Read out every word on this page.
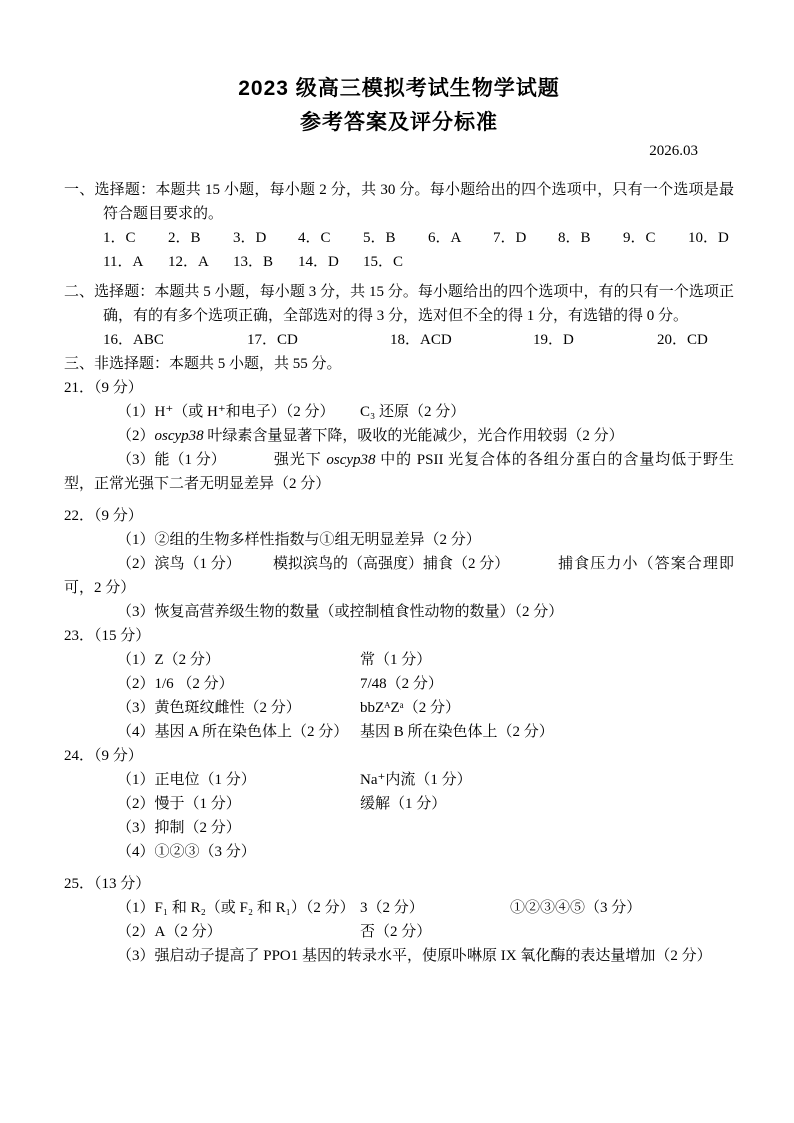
2023 级高三模拟考试生物学试题
参考答案及评分标准
2026.03

一、选择题：本题共 15 小题，每小题 2 分，共 30 分。每小题给出的四个选项中，只有一个选项是最符合题目要求的。

1．C 2．B 3．D 4．C 5．B 6．A 7．D 8．B 9．C 10．D
11．A 12．A 13．B 14．D 15．C

二、选择题：本题共 5 小题，每小题 3 分，共 15 分。每小题给出的四个选项中，有的只有一个选项正确，有的有多个选项正确，全部选对的得 3 分，选对但不全的得 1 分，有选错的得 0 分。

16．ABC	17．CD	18．ACD	19．D	20．CD

三、非选择题：本题共 5 小题，共 55 分。

21．（9 分）

（1）H⁺（或 H⁺和电子）（2 分） C₃ 还原（2 分）

（2）oscyp38 叶绿素含量显著下降，吸收的光能减少，光合作用较弱（2 分）

（3）能（1 分）	强光下 oscyp38 中的 PSII 光复合体的各组分蛋白的含量均低于野生型，正常光强下二者无明显差异（2 分）

22．（9 分）

（1）②组的生物多样性指数与①组无明显差异（2 分）

（2）滨鸟（1 分） 模拟滨鸟的（高强度）捕食（2 分）	捕食压力小（答案合理即可，2 分）

（3）恢复高营养级生物的数量（或控制植食性动物的数量）（2 分）

23．（15 分）

（1）Z（2 分）	常（1 分）

（2）1/6 （2 分）	7/48（2 分）

（3）黄色斑纹雌性（2 分）	bbZᴬZᵃ（2 分）

（4）基因 A 所在染色体上（2 分） 基因 B 所在染色体上（2 分）

24．（9 分）

（1）正电位（1 分）	Na⁺内流（1 分）

（2）慢于（1 分）	缓解（1 分）

（3）抑制（2 分）

（4）①②③（3 分）

25．（13 分）

（1）F₁ 和 R₂（或 F₂ 和 R₁）（2 分） 3（2 分）	①②③④⑤（3 分）

（2）A（2 分）	否（2 分）

（3）强启动子提高了 PPO1 基因的转录水平，使原卟啉原 IX 氧化酶的表达量增加（2 分）
